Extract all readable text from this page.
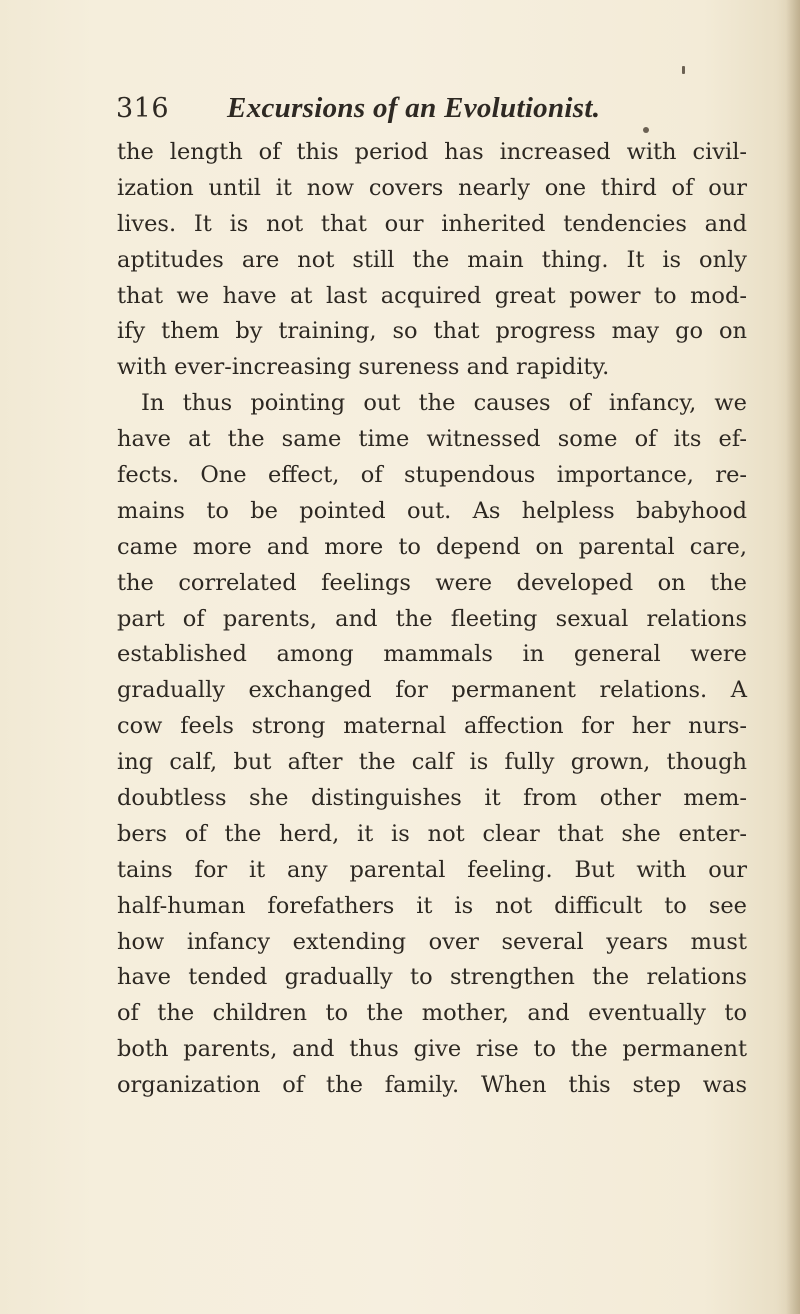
316 Excursions of an Evolutionist.
the length of this period has increased with civil-
ization until it now covers nearly one third of our
lives. It is not that our inherited tendencies and
aptitudes are not still the main thing. It is only
that we have at last acquired great power to mod-
ify them by training, so that progress may go on
with ever-increasing sureness and rapidity.
In thus pointing out the causes of infancy, we
have at the same time witnessed some of its ef-
fects. One effect, of stupendous importance, re-
mains to be pointed out. As helpless babyhood
came more and more to depend on parental care,
the correlated feelings were developed on the
part of parents, and the fleeting sexual relations
established among mammals in general were
gradually exchanged for permanent relations. A
cow feels strong maternal affection for her nurs-
ing calf, but after the calf is fully grown, though
doubtless she distinguishes it from other mem-
bers of the herd, it is not clear that she enter-
tains for it any parental feeling. But with our
half-human forefathers it is not difficult to see
how infancy extending over several years must
have tended gradually to strengthen the relations
of the children to the mother, and eventually to
both parents, and thus give rise to the permanent
organization of the family. When this step was
